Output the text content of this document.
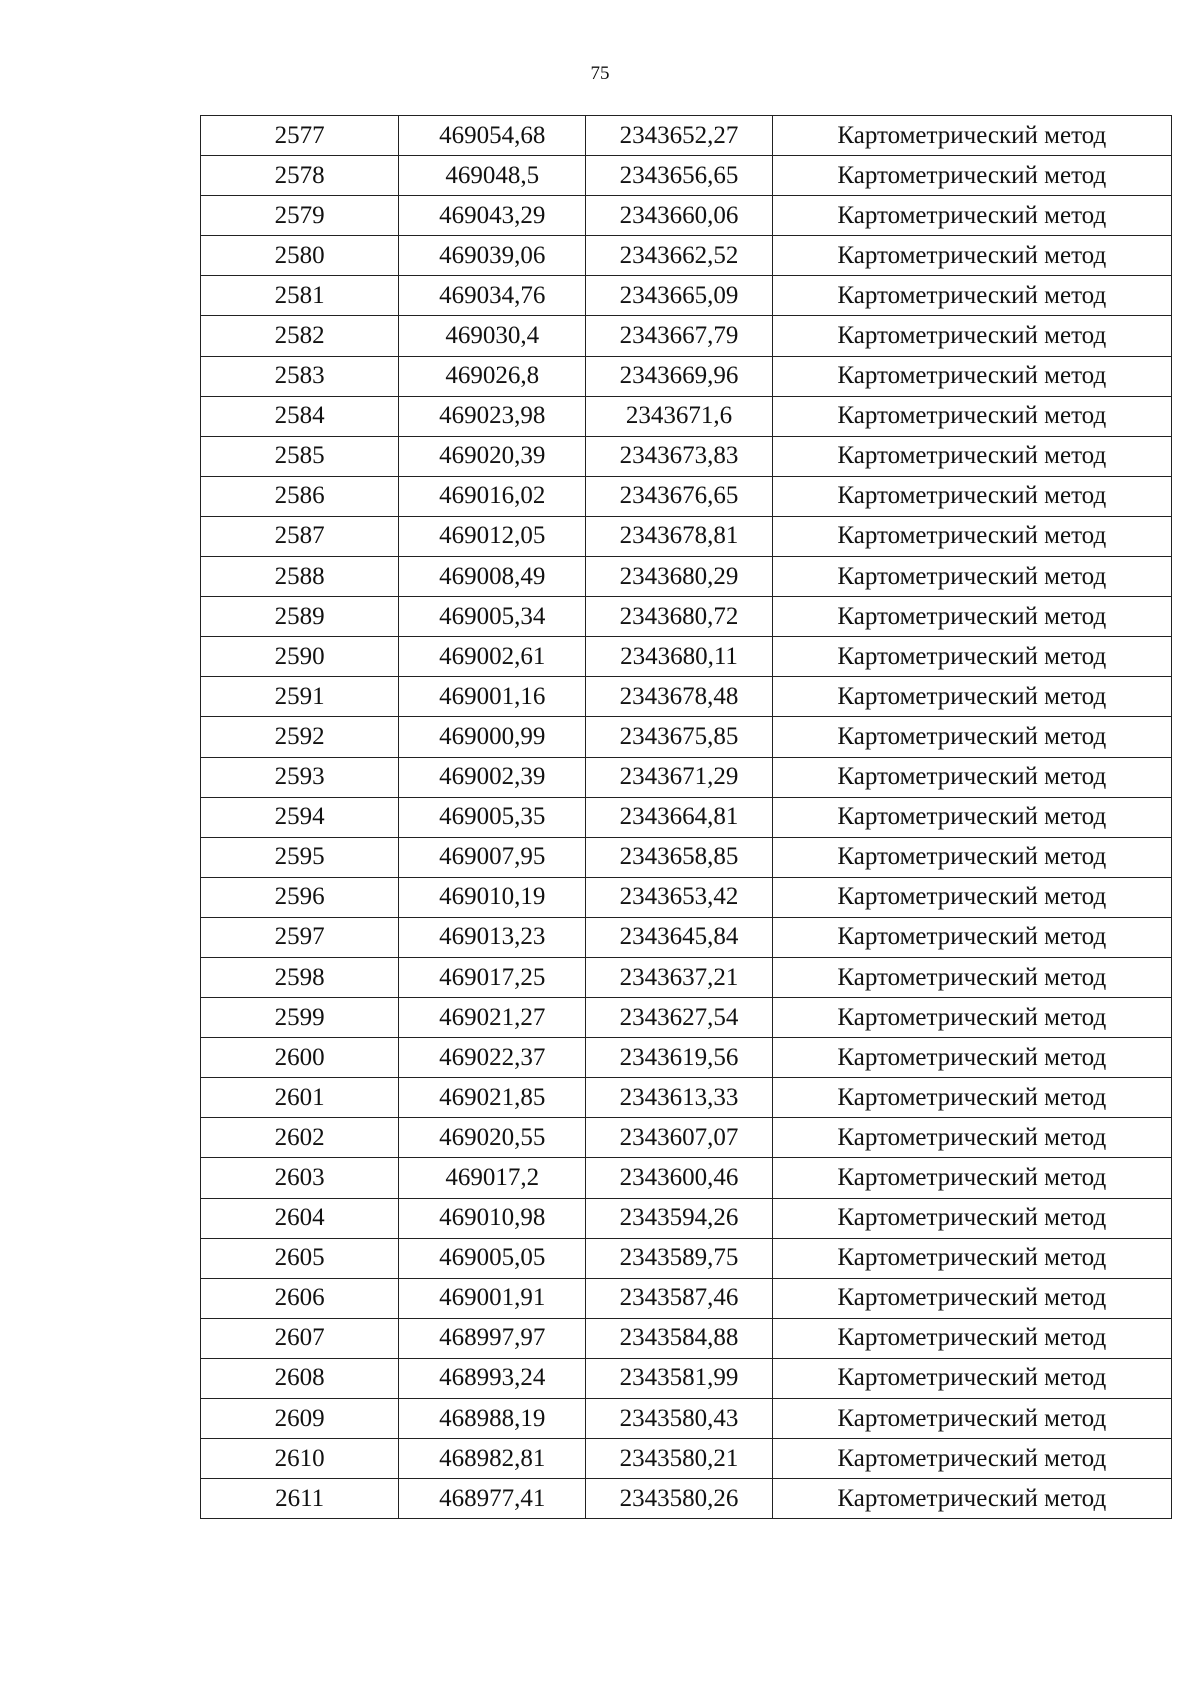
75
2577	469054,68	2343652,27	Картометрический метод
2578	469048,5	2343656,65	Картометрический метод
2579	469043,29	2343660,06	Картометрический метод
2580	469039,06	2343662,52	Картометрический метод
2581	469034,76	2343665,09	Картометрический метод
2582	469030,4	2343667,79	Картометрический метод
2583	469026,8	2343669,96	Картометрический метод
2584	469023,98	2343671,6	Картометрический метод
2585	469020,39	2343673,83	Картометрический метод
2586	469016,02	2343676,65	Картометрический метод
2587	469012,05	2343678,81	Картометрический метод
2588	469008,49	2343680,29	Картометрический метод
2589	469005,34	2343680,72	Картометрический метод
2590	469002,61	2343680,11	Картометрический метод
2591	469001,16	2343678,48	Картометрический метод
2592	469000,99	2343675,85	Картометрический метод
2593	469002,39	2343671,29	Картометрический метод
2594	469005,35	2343664,81	Картометрический метод
2595	469007,95	2343658,85	Картометрический метод
2596	469010,19	2343653,42	Картометрический метод
2597	469013,23	2343645,84	Картометрический метод
2598	469017,25	2343637,21	Картометрический метод
2599	469021,27	2343627,54	Картометрический метод
2600	469022,37	2343619,56	Картометрический метод
2601	469021,85	2343613,33	Картометрический метод
2602	469020,55	2343607,07	Картометрический метод
2603	469017,2	2343600,46	Картометрический метод
2604	469010,98	2343594,26	Картометрический метод
2605	469005,05	2343589,75	Картометрический метод
2606	469001,91	2343587,46	Картометрический метод
2607	468997,97	2343584,88	Картометрический метод
2608	468993,24	2343581,99	Картометрический метод
2609	468988,19	2343580,43	Картометрический метод
2610	468982,81	2343580,21	Картометрический метод
2611	468977,41	2343580,26	Картометрический метод
